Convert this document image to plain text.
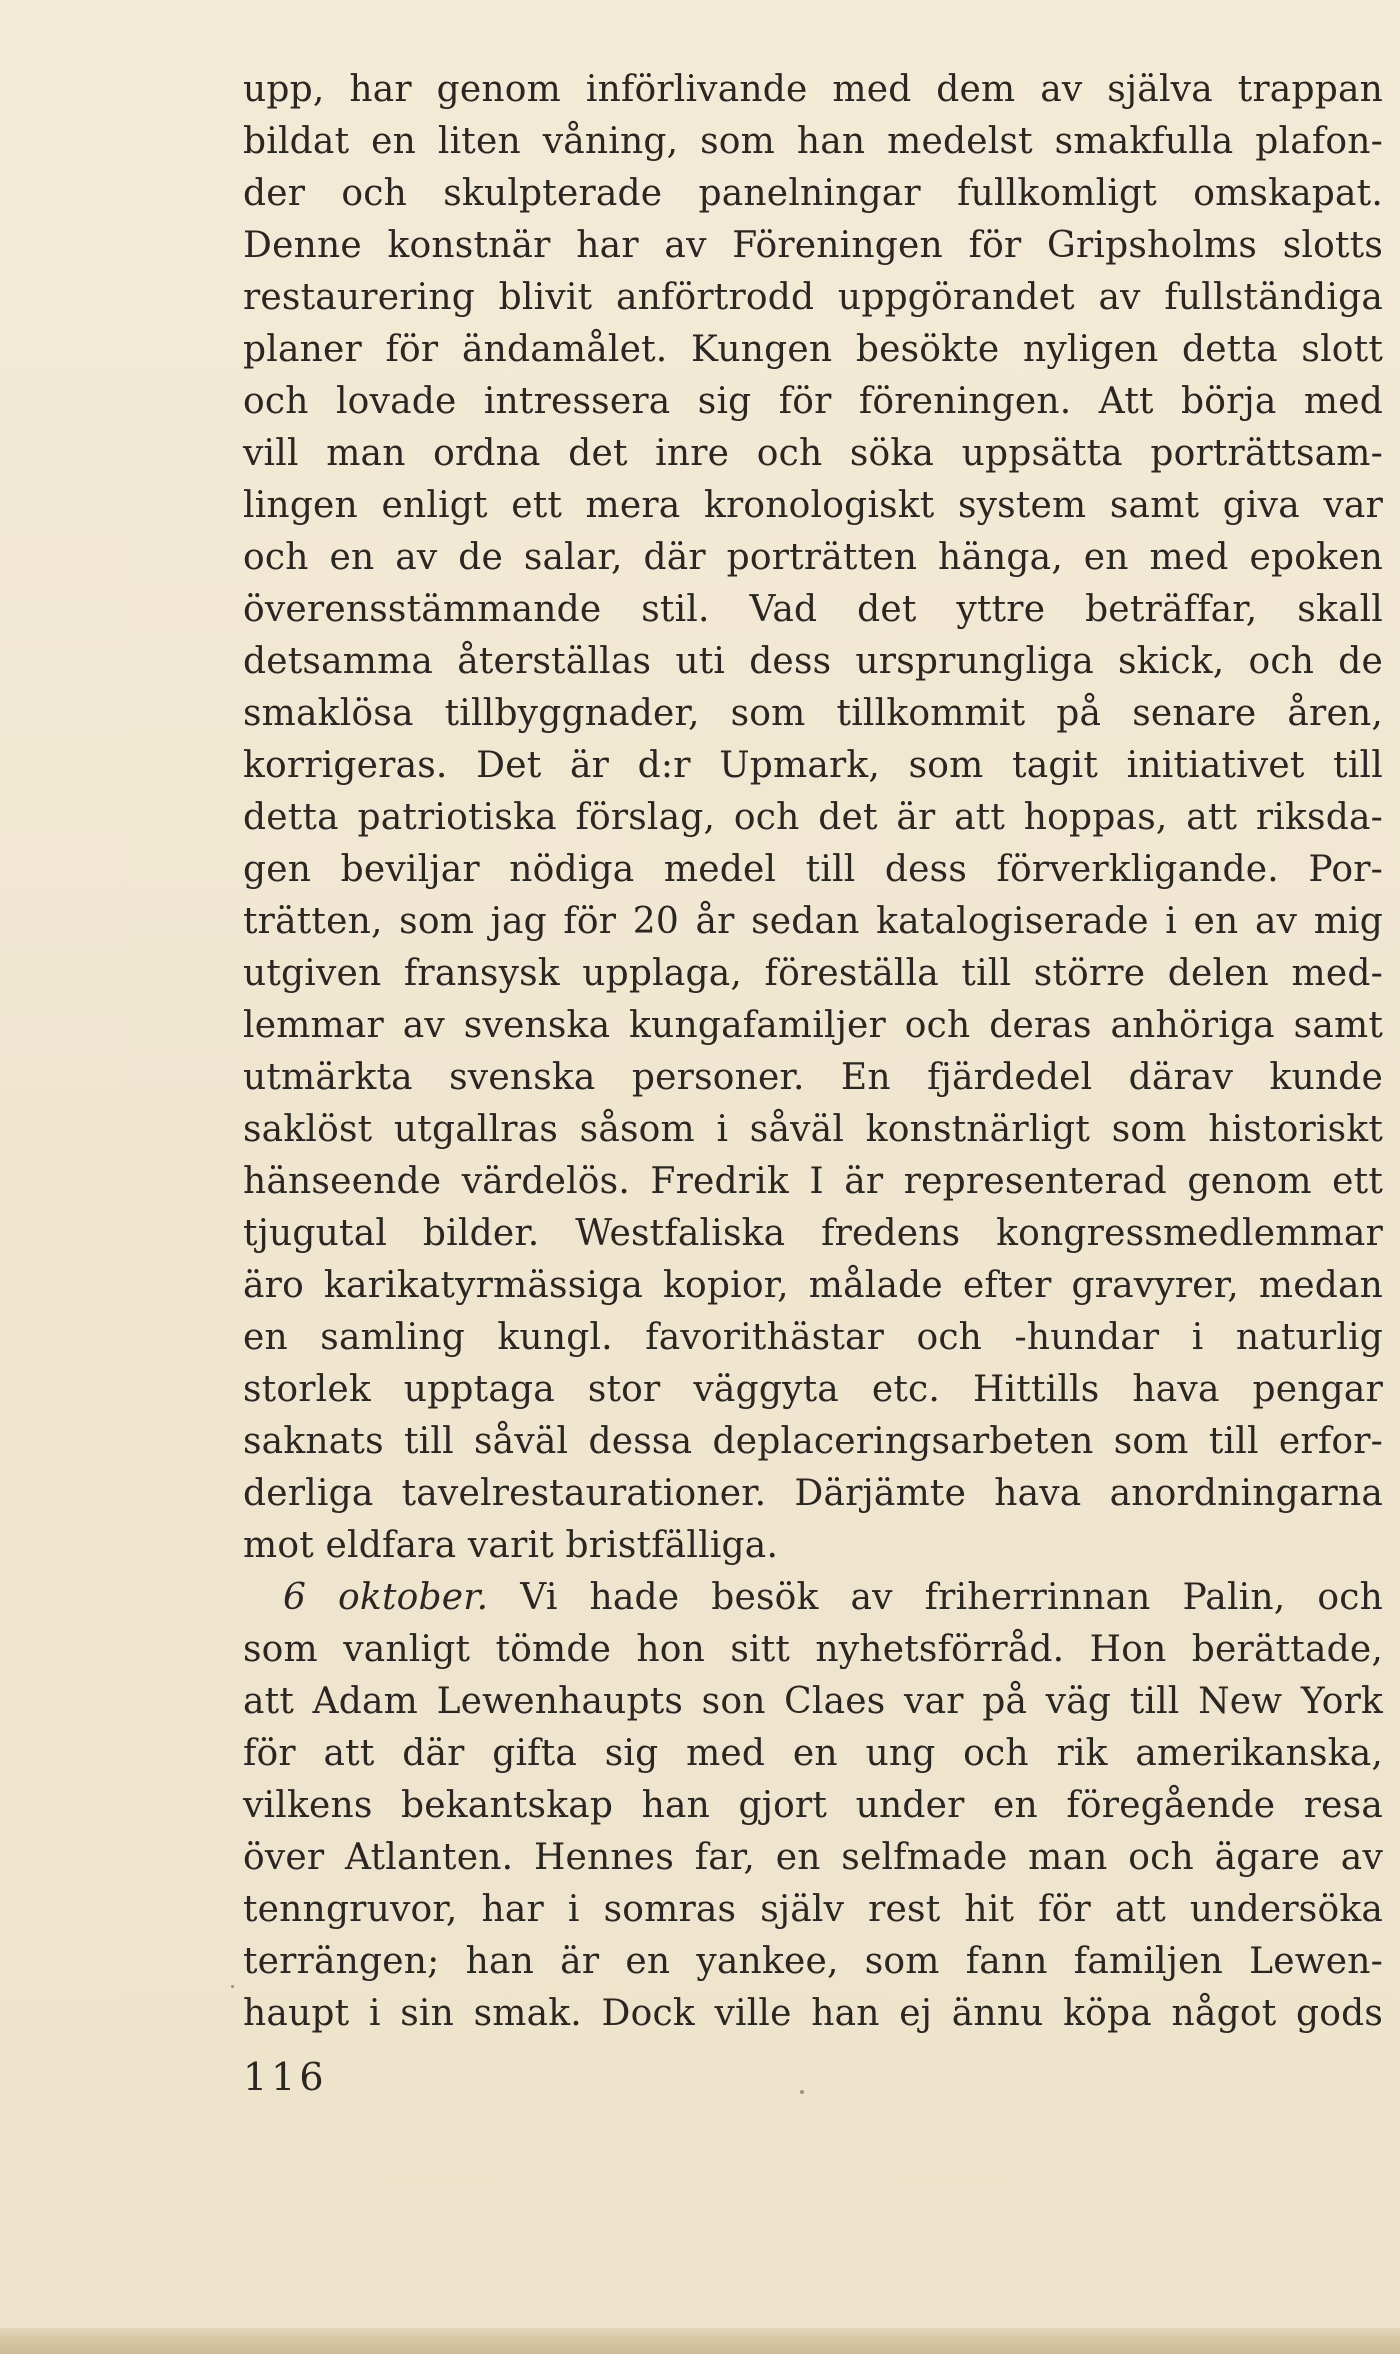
upp, har genom införlivande med dem av själva trappan
bildat en liten våning, som han medelst smakfulla plafon-
der och skulpterade panelningar fullkomligt omskapat.
Denne konstnär har av Föreningen för Gripsholms slotts
restaurering blivit anförtrodd uppgörandet av fullständiga
planer för ändamålet. Kungen besökte nyligen detta slott
och lovade intressera sig för föreningen. Att börja med
vill man ordna det inre och söka uppsätta porträttsam-
lingen enligt ett mera kronologiskt system samt giva var
och en av de salar, där porträtten hänga, en med epoken
överensstämmande stil. Vad det yttre beträffar, skall
detsamma återställas uti dess ursprungliga skick, och de
smaklösa tillbyggnader, som tillkommit på senare åren,
korrigeras. Det är d:r Upmark, som tagit initiativet till
detta patriotiska förslag, och det är att hoppas, att riksda-
gen beviljar nödiga medel till dess förverkligande. Por-
trätten, som jag för 20 år sedan katalogiserade i en av mig
utgiven fransysk upplaga, föreställa till större delen med-
lemmar av svenska kungafamiljer och deras anhöriga samt
utmärkta svenska personer. En fjärdedel därav kunde
saklöst utgallras såsom i såväl konstnärligt som historiskt
hänseende värdelös. Fredrik I är representerad genom ett
tjugutal bilder. Westfaliska fredens kongressmedlemmar
äro karikatyrmässiga kopior, målade efter gravyrer, medan
en samling kungl. favorithästar och -hundar i naturlig
storlek upptaga stor väggyta etc. Hittills hava pengar
saknats till såväl dessa deplaceringsarbeten som till erfor-
derliga tavelrestaurationer. Därjämte hava anordningarna
mot eldfara varit bristfälliga.
6 oktober. Vi hade besök av friherrinnan Palin, och
som vanligt tömde hon sitt nyhetsförråd. Hon berättade,
att Adam Lewenhaupts son Claes var på väg till New York
för att där gifta sig med en ung och rik amerikanska,
vilkens bekantskap han gjort under en föregående resa
över Atlanten. Hennes far, en selfmade man och ägare av
tenngruvor, har i somras själv rest hit för att undersöka
terrängen; han är en yankee, som fann familjen Lewen-
haupt i sin smak. Dock ville han ej ännu köpa något gods
116
